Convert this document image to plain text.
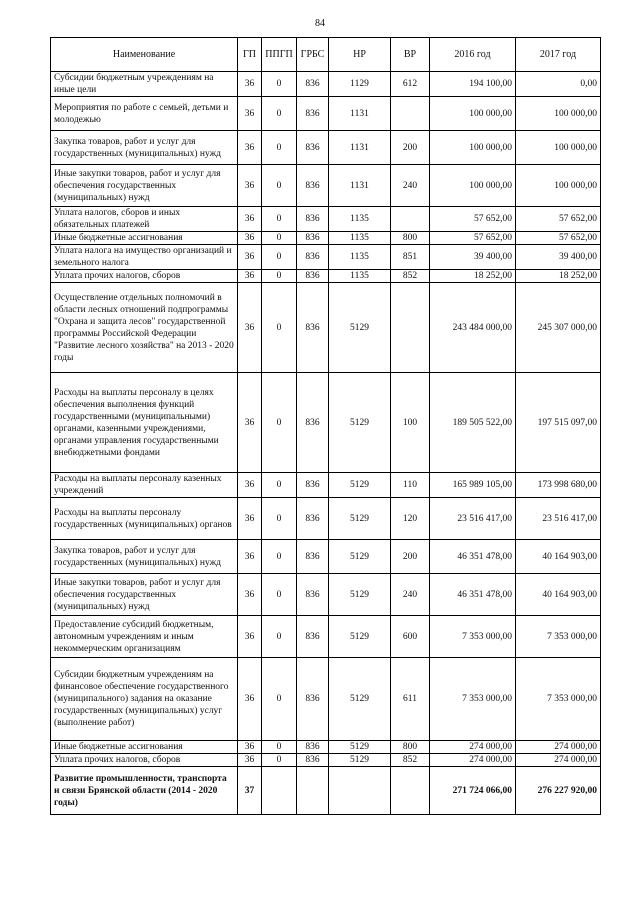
84
Наименование	ГП	ППГП	ГРБС	НР	ВР	2016 год	2017 год
Субсидии бюджетным учреждениям на иные цели	36	0	836	1129	612	194 100,00	0,00
Мероприятия по работе с семьей, детьми и молодежью	36	0	836	1131		100 000,00	100 000,00
Закупка товаров, работ и услуг для государственных (муниципальных) нужд	36	0	836	1131	200	100 000,00	100 000,00
Иные закупки товаров, работ и услуг для обеспечения государственных (муниципальных) нужд	36	0	836	1131	240	100 000,00	100 000,00
Уплата налогов, сборов и иных обязательных платежей	36	0	836	1135		57 652,00	57 652,00
Иные бюджетные ассигнования	36	0	836	1135	800	57 652,00	57 652,00
Уплата налога на имущество организаций и земельного налога	36	0	836	1135	851	39 400,00	39 400,00
Уплата прочих налогов, сборов	36	0	836	1135	852	18 252,00	18 252,00
Осуществление отдельных полномочий в области лесных отношений подпрограммы "Охрана и защита лесов" государственной программы Российской Федерации "Развитие лесного хозяйства" на 2013 - 2020 годы	36	0	836	5129		243 484 000,00	245 307 000,00
Расходы на выплаты персоналу в целях обеспечения выполнения функций государственными (муниципальными) органами, казенными учреждениями, органами управления государственными внебюджетными фондами	36	0	836	5129	100	189 505 522,00	197 515 097,00
Расходы на выплаты персоналу казенных учреждений	36	0	836	5129	110	165 989 105,00	173 998 680,00
Расходы на выплаты персоналу государственных (муниципальных) органов	36	0	836	5129	120	23 516 417,00	23 516 417,00
Закупка товаров, работ и услуг для государственных (муниципальных) нужд	36	0	836	5129	200	46 351 478,00	40 164 903,00
Иные закупки товаров, работ и услуг для обеспечения государственных (муниципальных) нужд	36	0	836	5129	240	46 351 478,00	40 164 903,00
Предоставление субсидий бюджетным, автономным учреждениям и иным некоммерческим организациям	36	0	836	5129	600	7 353 000,00	7 353 000,00
Субсидии бюджетным учреждениям на финансовое обеспечение государственного (муниципального) задания на оказание государственных (муниципальных) услуг (выполнение работ)	36	0	836	5129	611	7 353 000,00	7 353 000,00
Иные бюджетные ассигнования	36	0	836	5129	800	274 000,00	274 000,00
Уплата прочих налогов, сборов	36	0	836	5129	852	274 000,00	274 000,00
Развитие промышленности, транспорта и связи Брянской области (2014 - 2020 годы)	37					271 724 066,00	276 227 920,00
